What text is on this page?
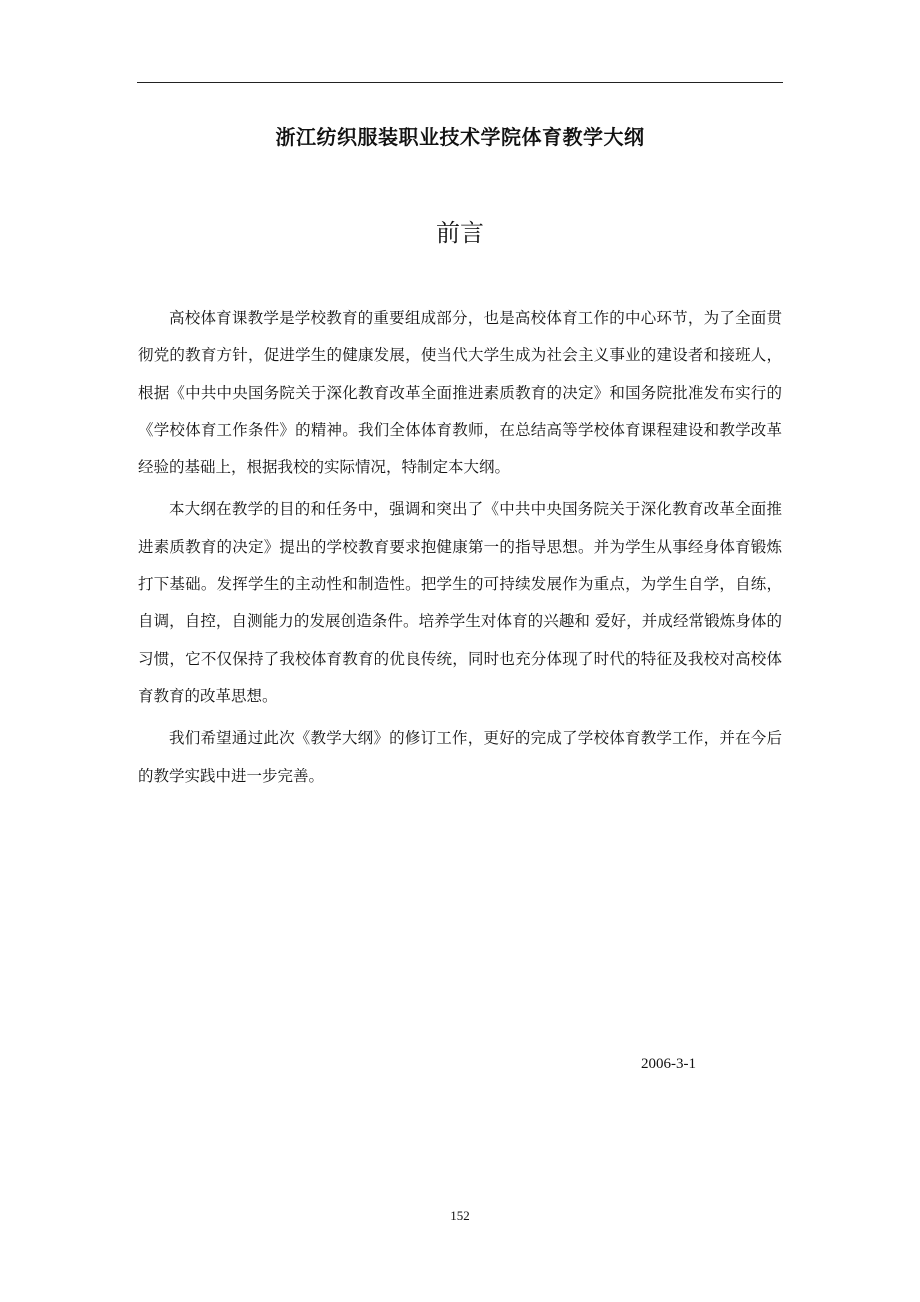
浙江纺织服装职业技术学院体育教学大纲
前言

高校体育课教学是学校教育的重要组成部分，也是高校体育工作的中心环节，为了全面贯彻党的教育方针，促进学生的健康发展，使当代大学生成为社会主义事业的建设者和接班人，根据《中共中央国务院关于深化教育改革全面推进素质教育的决定》和国务院批准发布实行的《学校体育工作条件》的精神。我们全体体育教师，在总结高等学校体育课程建设和教学改革经验的基础上，根据我校的实际情况，特制定本大纲。

本大纲在教学的目的和任务中，强调和突出了《中共中央国务院关于深化教育改革全面推进素质教育的决定》提出的学校教育要求抱健康第一的指导思想。并为学生从事经身体育锻炼打下基础。发挥学生的主动性和制造性。把学生的可持续发展作为重点，为学生自学，自练，自调，自控，自测能力的发展创造条件。培养学生对体育的兴趣和 爱好，并成经常锻炼身体的习惯，它不仅保持了我校体育教育的优良传统，同时也充分体现了时代的特征及我校对高校体育教育的改革思想。

我们希望通过此次《教学大纲》的修订工作，更好的完成了学校体育教学工作，并在今后的教学实践中进一步完善。

2006-3-1
152
